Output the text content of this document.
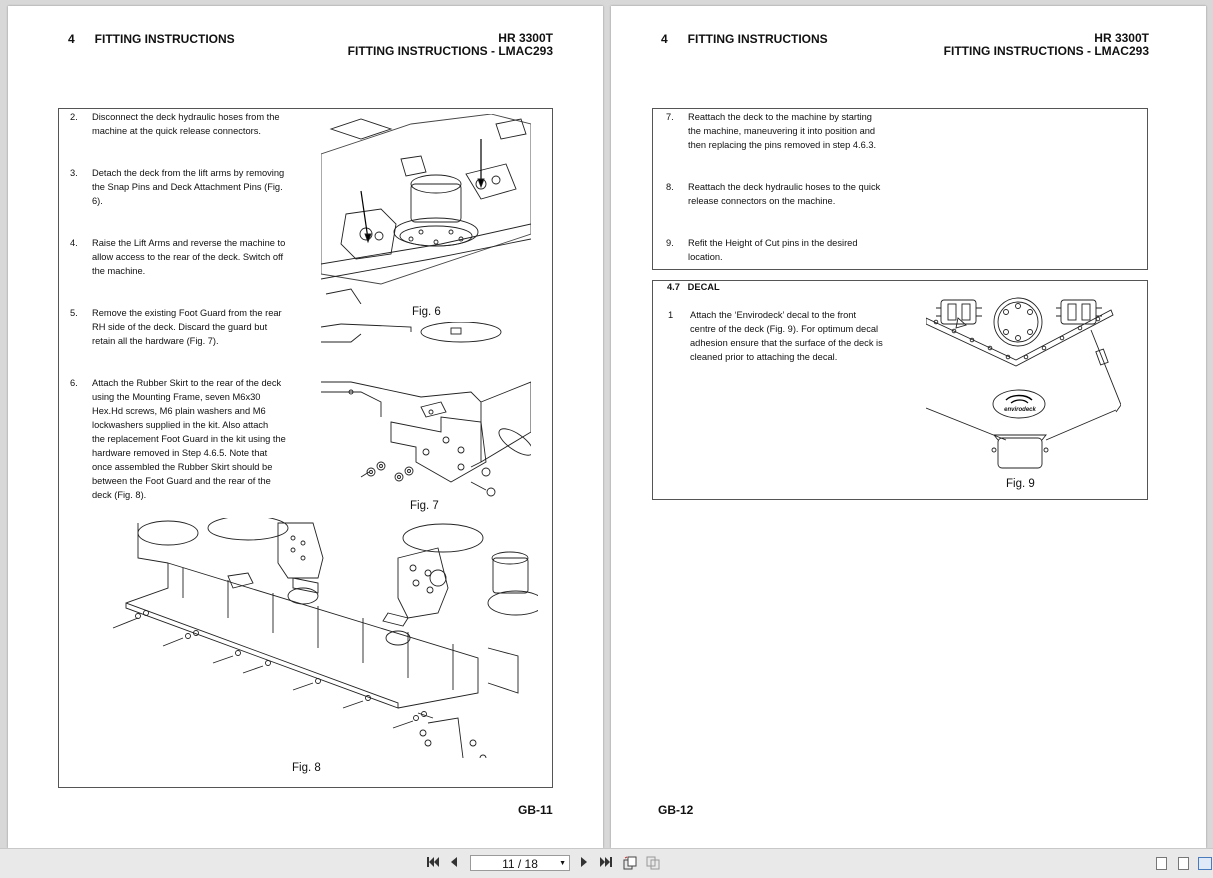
4      FITTING INSTRUCTIONS	HR 3300T
FITTING INSTRUCTIONS - LMAC293
2. Disconnect the deck hydraulic hoses from the
machine at the quick release connectors.
3. Detach the deck from the lift arms by removing
the Snap Pins and Deck Attachment Pins (Fig.
6).
4. Raise the Lift Arms and reverse the machine to
allow access to the rear of the deck. Switch off
the machine.
5. Remove the existing Foot Guard from the rear
RH side of the deck. Discard the guard but
retain all the hardware (Fig. 7).
6. Attach the Rubber Skirt to the rear of the deck
using the Mounting Frame, seven M6x30
Hex.Hd screws, M6 plain washers and M6
lockwashers supplied in the kit. Also attach
the replacement Foot Guard in the kit using the
hardware removed in Step 4.6.5. Note that
once assembled the Rubber Skirt should be
between the Foot Guard and the rear of the
deck (Fig. 8).
Fig. 6
Fig. 7
Fig. 8
GB-11
4      FITTING INSTRUCTIONS	HR 3300T
FITTING INSTRUCTIONS - LMAC293
7. Reattach the deck to the machine by starting
the machine, maneuvering it into position and
then replacing the pins removed in step 4.6.3.
8. Reattach the deck hydraulic hoses to the quick
release connectors on the machine.
9. Refit the Height of Cut pins in the desired
location.
4.7   DECAL
1 Attach the ‘Envirodeck’ decal to the front
centre of the deck (Fig. 9). For optimum decal
adhesion ensure that the surface of the deck is
cleaned prior to attaching the decal.
envirodeck
Fig. 9
GB-12
11 / 18	▼
